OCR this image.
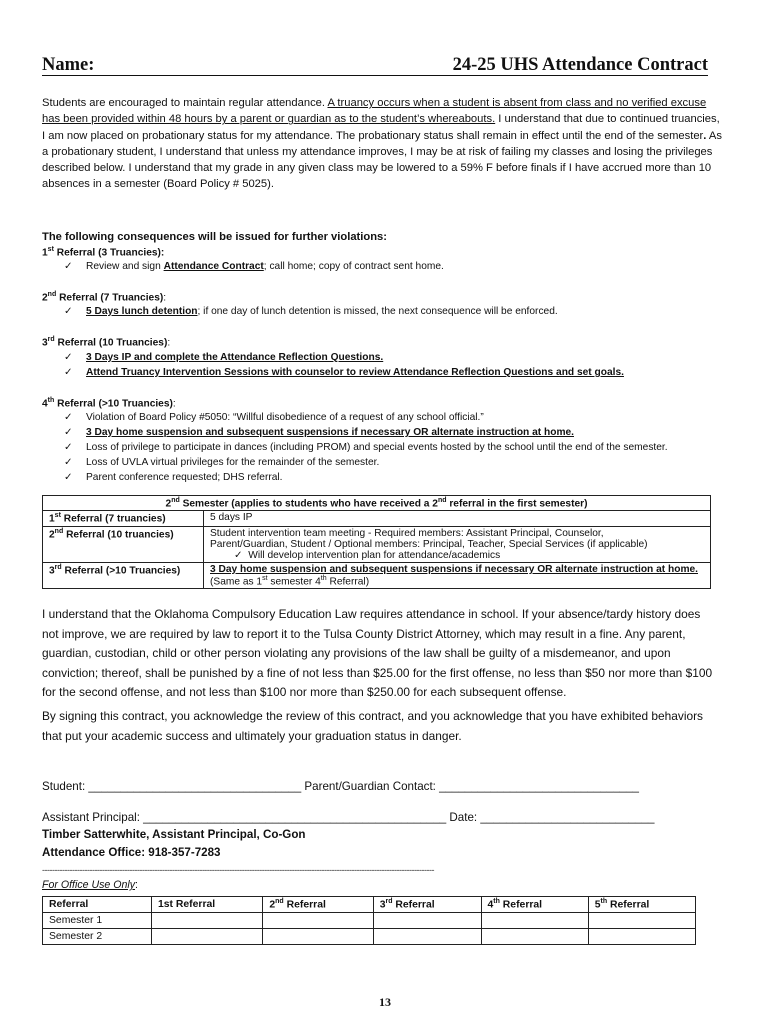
Name:	24-25 UHS Attendance Contract
Students are encouraged to maintain regular attendance. A truancy occurs when a student is absent from class and no verified excuse has been provided within 48 hours by a parent or guardian as to the student’s whereabouts. I understand that due to continued truancies, I am now placed on probationary status for my attendance. The probationary status shall remain in effect until the end of the semester. As a probationary student, I understand that unless my attendance improves, I may be at risk of failing my classes and losing the privileges described below. I understand that my grade in any given class may be lowered to a 59% F before finals if I have accrued more than 10 absences in a semester (Board Policy # 5025).
The following consequences will be issued for further violations:
1st Referral (3 Truancies):
✓ Review and sign Attendance Contract; call home; copy of contract sent home.
2nd Referral (7 Truancies):
✓ 5 Days lunch detention; if one day of lunch detention is missed, the next consequence will be enforced.
3rd Referral (10 Truancies):
✓ 3 Days IP and complete the Attendance Reflection Questions.
✓ Attend Truancy Intervention Sessions with counselor to review Attendance Reflection Questions and set goals.
4th Referral (>10 Truancies):
✓ Violation of Board Policy #5050: “Willful disobedience of a request of any school official.”
✓ 3 Day home suspension and subsequent suspensions if necessary OR alternate instruction at home.
✓ Loss of privilege to participate in dances (including PROM) and special events hosted by the school until the end of the semester.
✓ Loss of UVLA virtual privileges for the remainder of the semester.
✓ Parent conference requested; DHS referral.
2nd Semester (applies to students who have received a 2nd referral in the first semester)	
1st Referral (7 truancies)	5 days IP
2nd Referral (10 truancies)	Student intervention team meeting - Required members: Assistant Principal, Counselor,
Parent/Guardian, Student / Optional members: Principal, Teacher, Special Services (if applicable)
✓ Will develop intervention plan for attendance/academics

3rd Referral (>10 Truancies)	3 Day home suspension and subsequent suspensions if necessary OR alternate instruction at home.
(Same as 1st semester 4th Referral)
I understand that the Oklahoma Compulsory Education Law requires attendance in school. If your absence/tardy history does not improve, we are required by law to report it to the Tulsa County District Attorney, which may result in a fine. Any parent, guardian, custodian, child or other person violating any provisions of the law shall be guilty of a misdemeanor, and upon conviction; thereof, shall be punished by a fine of not less than $25.00 for the first offense, no less than $50 nor more than $100 for the second offense, and not less than $100 nor more than $250.00 for each subsequent offense.
By signing this contract, you acknowledge the review of this contract, and you acknowledge that you have exhibited behaviors that put your academic success and ultimately your graduation status in danger.
Student: _________________________________ Parent/Guardian Contact: _______________________________
Assistant Principal: _______________________________________________ Date: ___________________________
Timber Satterwhite, Assistant Principal, Co-Gon
Attendance Office: 918-357-7283
-------------------------------------------------------------------------------------------------------------------------------------------------------------
For Office Use Only:
Referral	1st Referral	2nd Referral	3rd Referral	4th Referral	5th Referral
Semester 1					
Semester 2					
13
